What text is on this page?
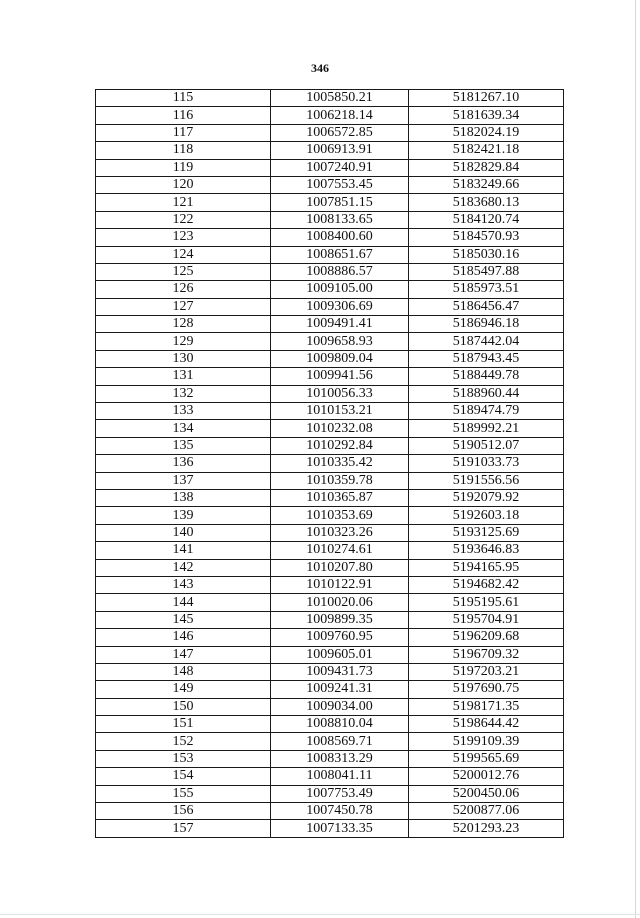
346
115	1005850.21	5181267.10
116	1006218.14	5181639.34
117	1006572.85	5182024.19
118	1006913.91	5182421.18
119	1007240.91	5182829.84
120	1007553.45	5183249.66
121	1007851.15	5183680.13
122	1008133.65	5184120.74
123	1008400.60	5184570.93
124	1008651.67	5185030.16
125	1008886.57	5185497.88
126	1009105.00	5185973.51
127	1009306.69	5186456.47
128	1009491.41	5186946.18
129	1009658.93	5187442.04
130	1009809.04	5187943.45
131	1009941.56	5188449.78
132	1010056.33	5188960.44
133	1010153.21	5189474.79
134	1010232.08	5189992.21
135	1010292.84	5190512.07
136	1010335.42	5191033.73
137	1010359.78	5191556.56
138	1010365.87	5192079.92
139	1010353.69	5192603.18
140	1010323.26	5193125.69
141	1010274.61	5193646.83
142	1010207.80	5194165.95
143	1010122.91	5194682.42
144	1010020.06	5195195.61
145	1009899.35	5195704.91
146	1009760.95	5196209.68
147	1009605.01	5196709.32
148	1009431.73	5197203.21
149	1009241.31	5197690.75
150	1009034.00	5198171.35
151	1008810.04	5198644.42
152	1008569.71	5199109.39
153	1008313.29	5199565.69
154	1008041.11	5200012.76
155	1007753.49	5200450.06
156	1007450.78	5200877.06
157	1007133.35	5201293.23
